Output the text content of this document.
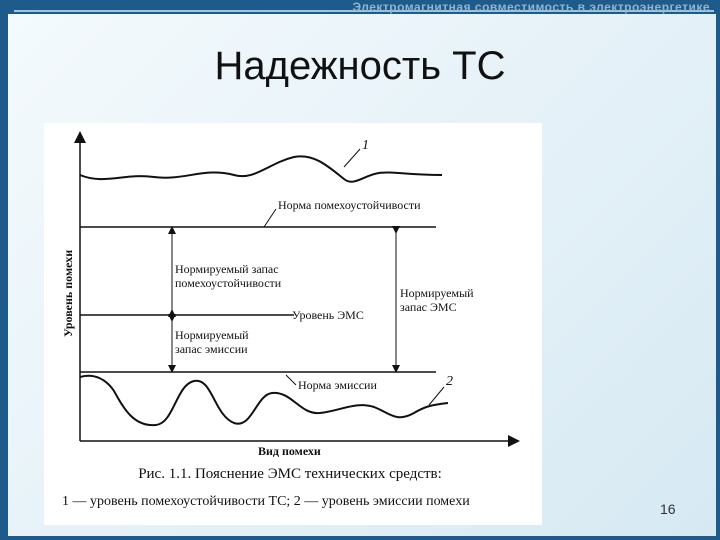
Электромагнитная совместимость в электроэнергетике
Надежность ТС
1
Норма помехоустойчивости
Уровень ЭМС
Нормируемый запас
помехоустойчивости
Нормируемый
запас эмиссии
Нормируемый
запас ЭМС
Норма эмиссии	2
Уровень помехи
Вид помехи
Рис. 1.1. Пояснение ЭМС технических средств:
1 — уровень помехоустойчивости ТС; 2 — уровень эмиссии помехи	16
